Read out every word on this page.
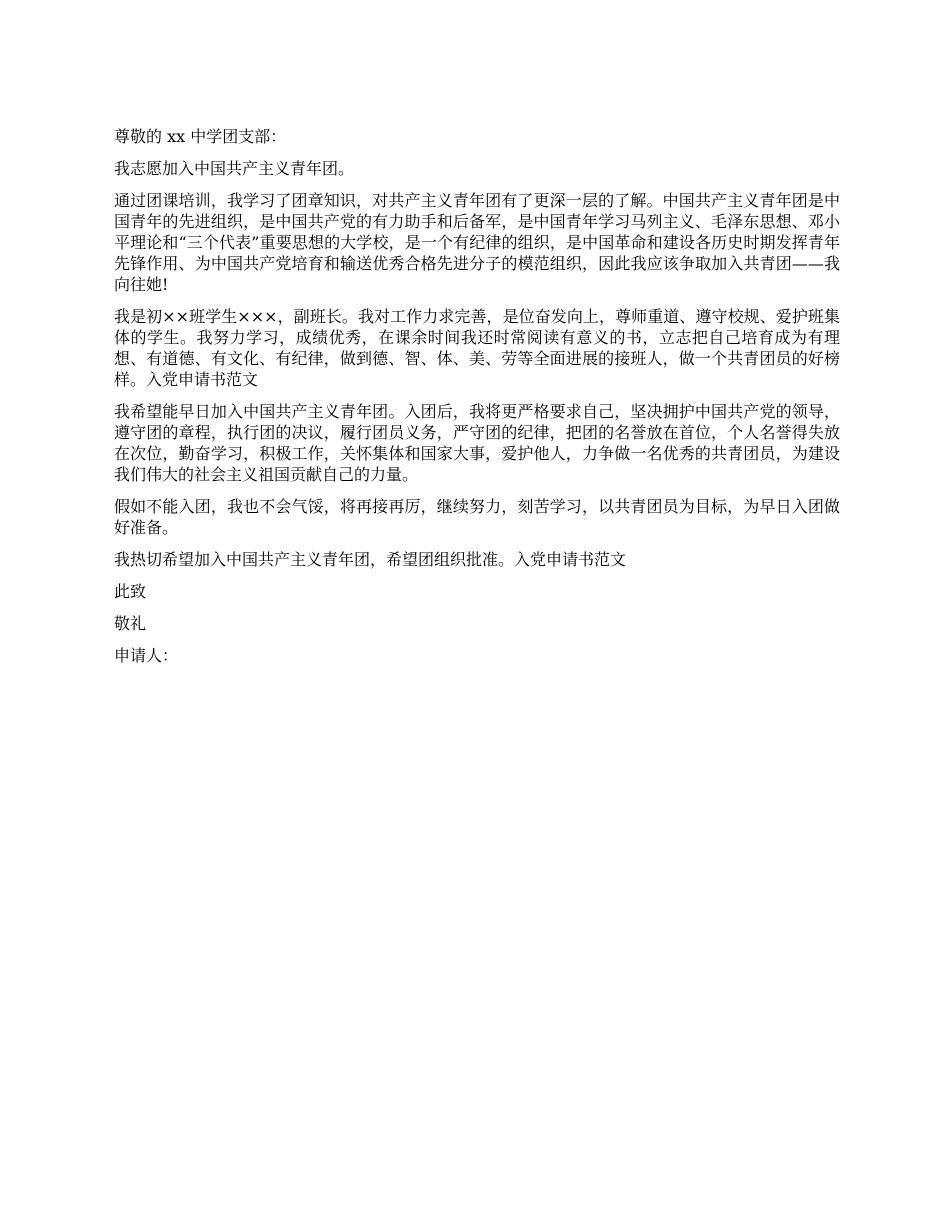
尊敬的 xx 中学团支部：

我志愿加入中国共产主义青年团。

通过团课培训，我学习了团章知识，对共产主义青年团有了更深一层的了解。中国共产主义青年团是中国青年的先进组织，是中国共产党的有力助手和后备军，是中国青年学习马列主义、毛泽东思想、邓小平理论和“三个代表”重要思想的大学校，是一个有纪律的组织，是中国革命和建设各历史时期发挥青年先锋作用、为中国共产党培育和输送优秀合格先进分子的模范组织，因此我应该争取加入共青团——我向往她!

我是初××班学生×××，副班长。我对工作力求完善，是位奋发向上，尊师重道、遵守校规、爱护班集体的学生。我努力学习，成绩优秀，在课余时间我还时常阅读有意义的书，立志把自己培育成为有理想、有道德、有文化、有纪律，做到德、智、体、美、劳等全面进展的接班人，做一个共青团员的好榜样。入党申请书范文

我希望能早日加入中国共产主义青年团。入团后，我将更严格要求自己，坚决拥护中国共产党的领导，遵守团的章程，执行团的决议，履行团员义务，严守团的纪律，把团的名誉放在首位，个人名誉得失放在次位，勤奋学习，积极工作，关怀集体和国家大事，爱护他人，力争做一名优秀的共青团员，为建设我们伟大的社会主义祖国贡献自己的力量。

假如不能入团，我也不会气馁，将再接再厉，继续努力，刻苦学习，以共青团员为目标，为早日入团做好准备。

我热切希望加入中国共产主义青年团，希望团组织批准。入党申请书范文

此致

敬礼

申请人：
